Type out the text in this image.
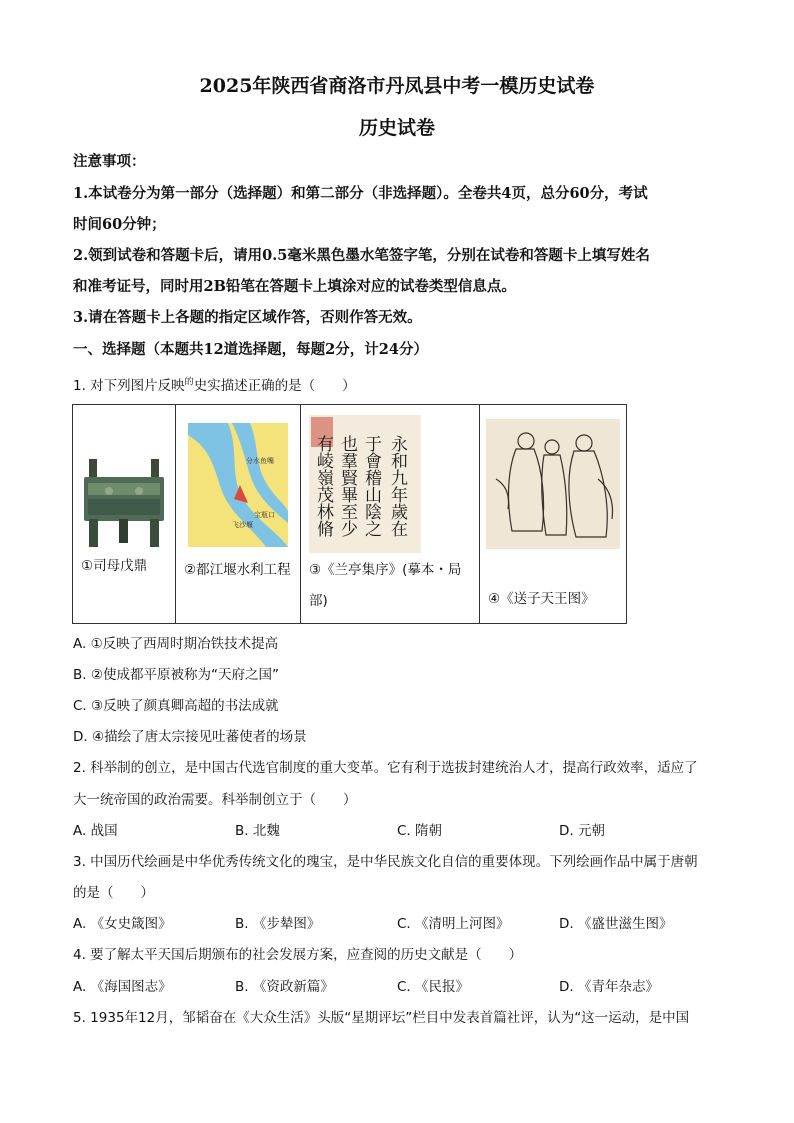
2025年陕西省商洛市丹凤县中考一模历史试卷
历史试卷
注意事项：
1.本试卷分为第一部分（选择题）和第二部分（非选择题）。全卷共4页，总分60分，考试
时间60分钟；
2.领到试卷和答题卡后，请用0.5毫米黑色墨水笔签字笔，分别在试卷和答题卡上填写姓名
和准考证号，同时用2B铅笔在答题卡上填涂对应的试卷类型信息点。
3.请在答题卡上各题的指定区域作答，否则作答无效。
一、选择题（本题共12道选择题，每题2分，计24分）
1. 对下列图片反映$^的$史实描述正确的是（　　）
①司母戊鼎

分水鱼嘴
宝瓶口
飞沙堰
②都江堰水利工程

永和九年歲在
于會稽山陰之
也羣賢畢至少
有崚嶺茂林脩
③《兰亭集序》(摹本・局部)	④《送子天王图》
A. ①反映了西周时期冶铁技术提高
B. ②使成都平原被称为“天府之国”
C. ③反映了颜真卿高超的书法成就
D. ④描绘了唐太宗接见吐蕃使者的场景
2. 科举制的创立，是中国古代选官制度的重大变革。它有利于选拔封建统治人才，提高行政效率，适应了
大一统帝国的政治需要。科举制创立于（　　）
A. 战国	B. 北魏	C. 隋朝	D. 元朝
3. 中国历代绘画是中华优秀传统文化的瑰宝，是中华民族文化自信的重要体现。下列绘画作品中属于唐朝
的是（　　）
A. 《女史箴图》	B. 《步辇图》	C. 《清明上河图》	D. 《盛世滋生图》
4. 要了解太平天国后期颁布的社会发展方案，应查阅的历史文献是（　　）
A. 《海国图志》	B. 《资政新篇》	C. 《民报》	D. 《青年杂志》
5. 1935年12月，邹韬奋在《大众生活》头版“星期评坛”栏目中发表首篇社评，认为“这一运动，是中国
